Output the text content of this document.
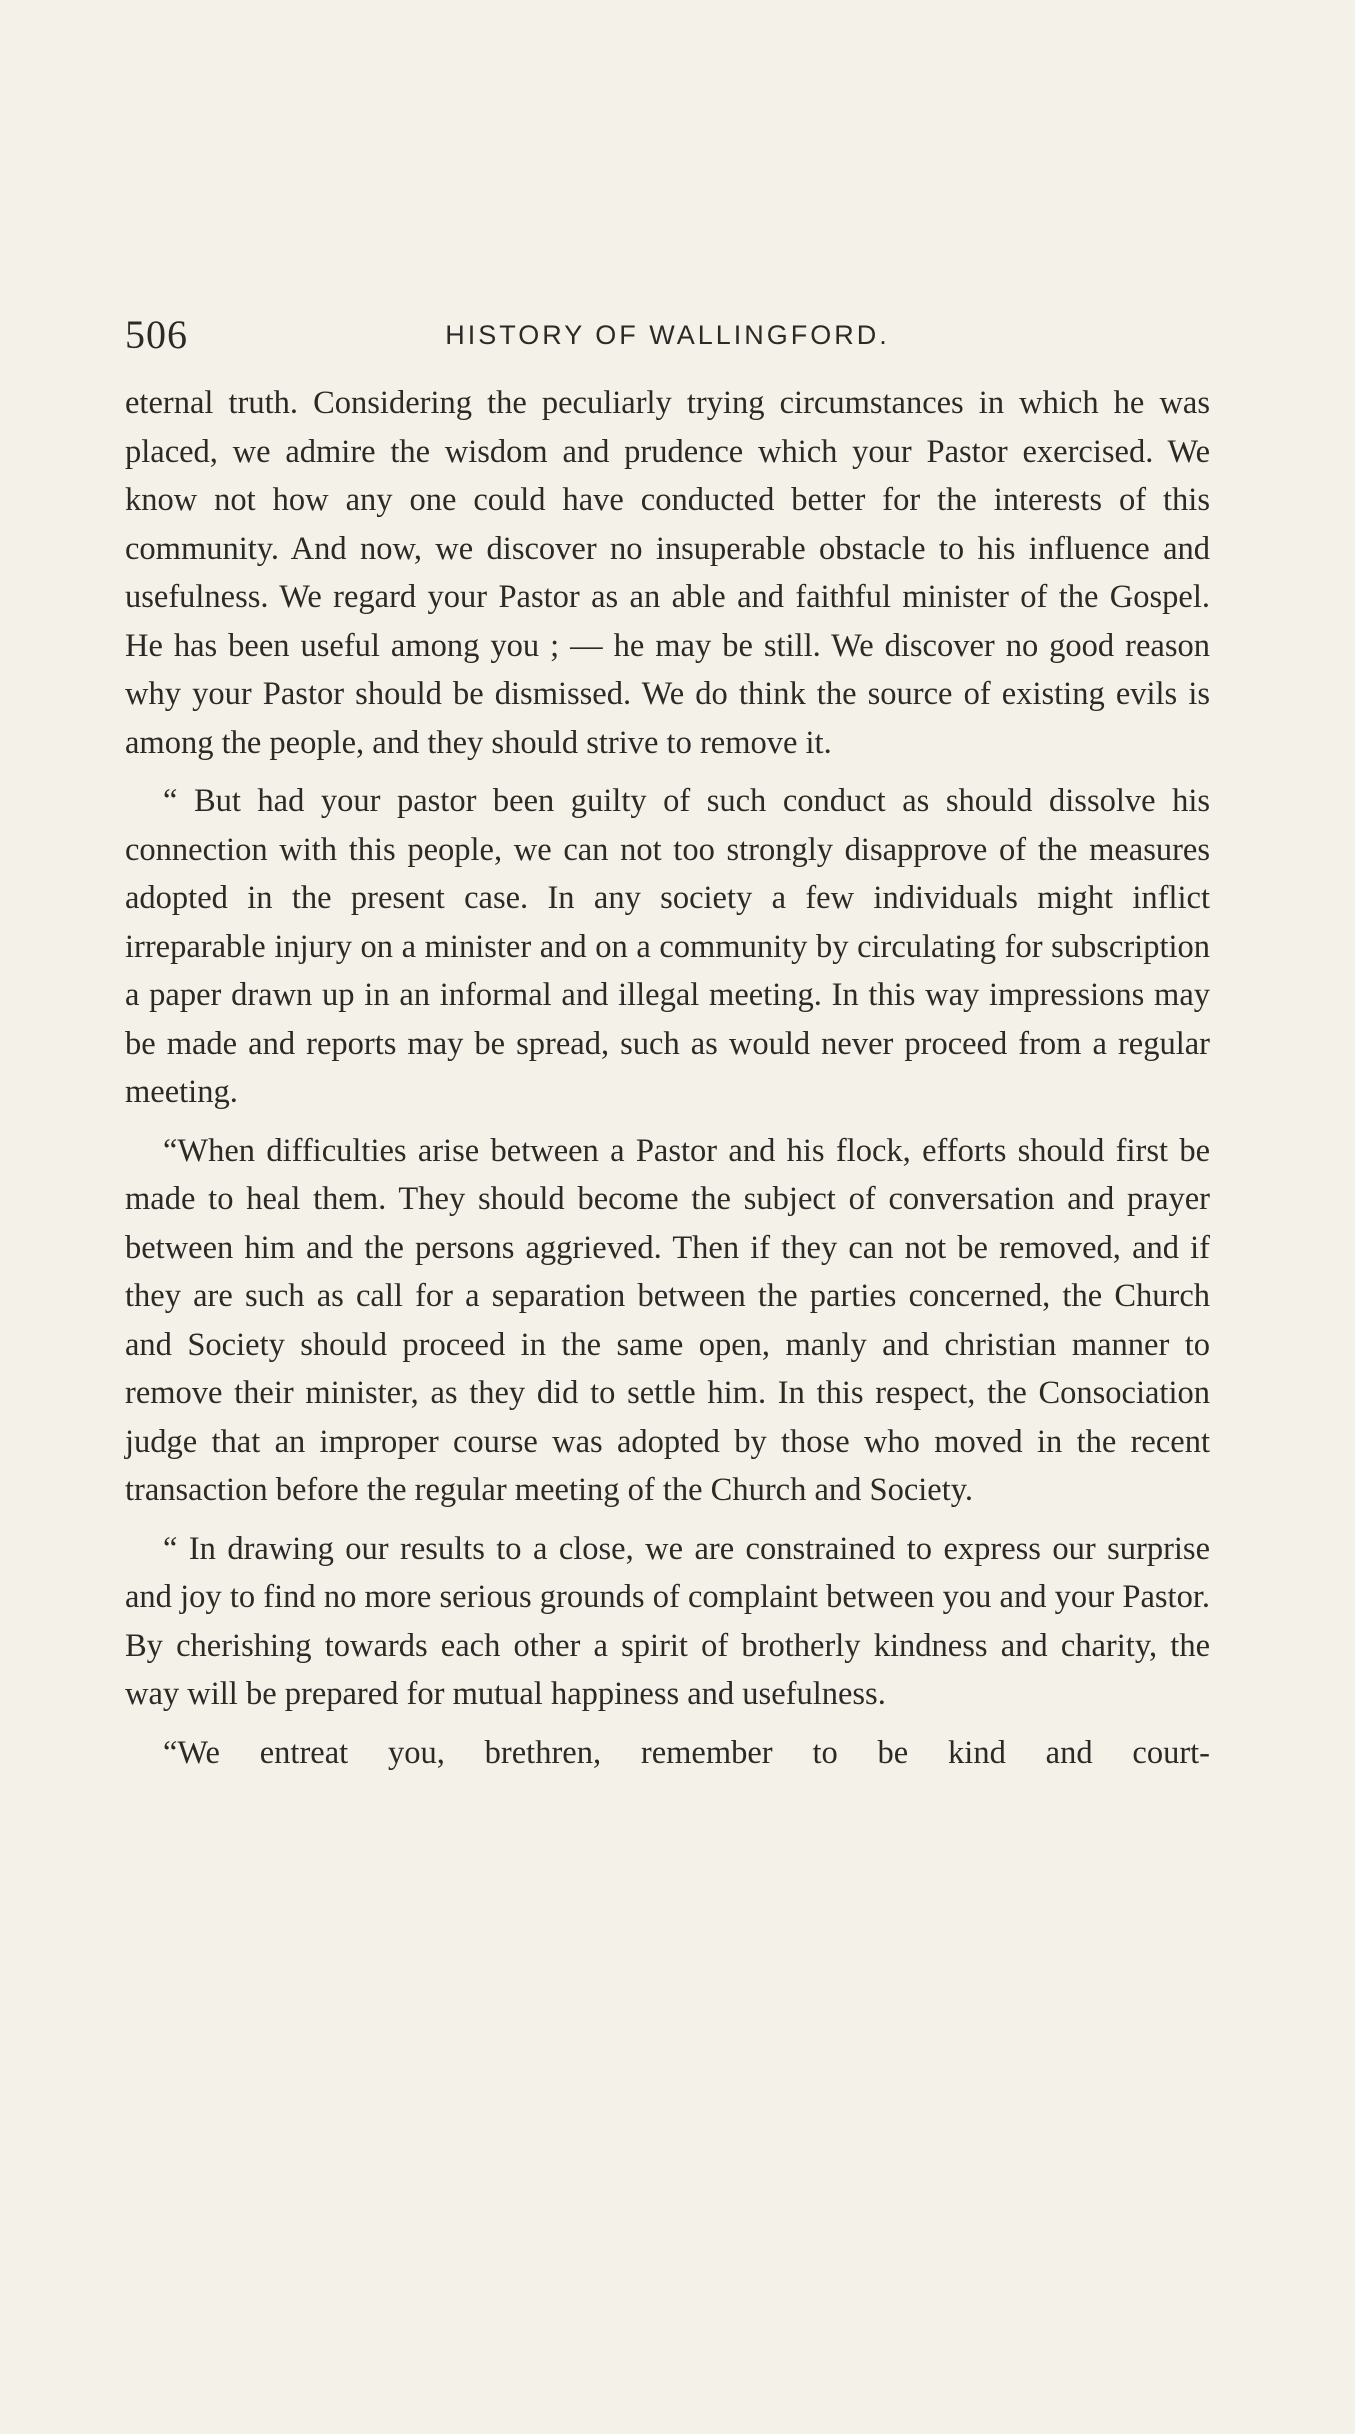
506	HISTORY OF WALLINGFORD.

eternal truth. Considering the peculiarly trying circumstances in which he was placed, we admire the wisdom and prudence which your Pastor exercised. We know not how any one could have conducted better for the interests of this community. And now, we discover no insuperable obstacle to his influence and usefulness. We regard your Pastor as an able and faithful minister of the Gospel. He has been useful among you ; — he may be still. We discover no good reason why your Pastor should be dismissed. We do think the source of existing evils is among the people, and they should strive to remove it.

“ But had your pastor been guilty of such conduct as should dissolve his connection with this people, we can not too strongly disapprove of the measures adopted in the present case. In any society a few individuals might inflict irreparable injury on a minister and on a community by circulating for subscription a paper drawn up in an informal and illegal meeting. In this way impressions may be made and reports may be spread, such as would never proceed from a regular meeting.

“When difficulties arise between a Pastor and his flock, efforts should first be made to heal them. They should become the subject of conversation and prayer between him and the persons aggrieved. Then if they can not be removed, and if they are such as call for a separation between the parties concerned, the Church and Society should proceed in the same open, manly and christian manner to remove their minister, as they did to settle him. In this respect, the Consociation judge that an improper course was adopted by those who moved in the recent transaction before the regular meeting of the Church and Society.

“ In drawing our results to a close, we are constrained to express our surprise and joy to find no more serious grounds of complaint between you and your Pastor. By cherishing towards each other a spirit of brotherly kindness and charity, the way will be prepared for mutual happiness and usefulness.

“We entreat you, brethren, remember to be kind and court-
